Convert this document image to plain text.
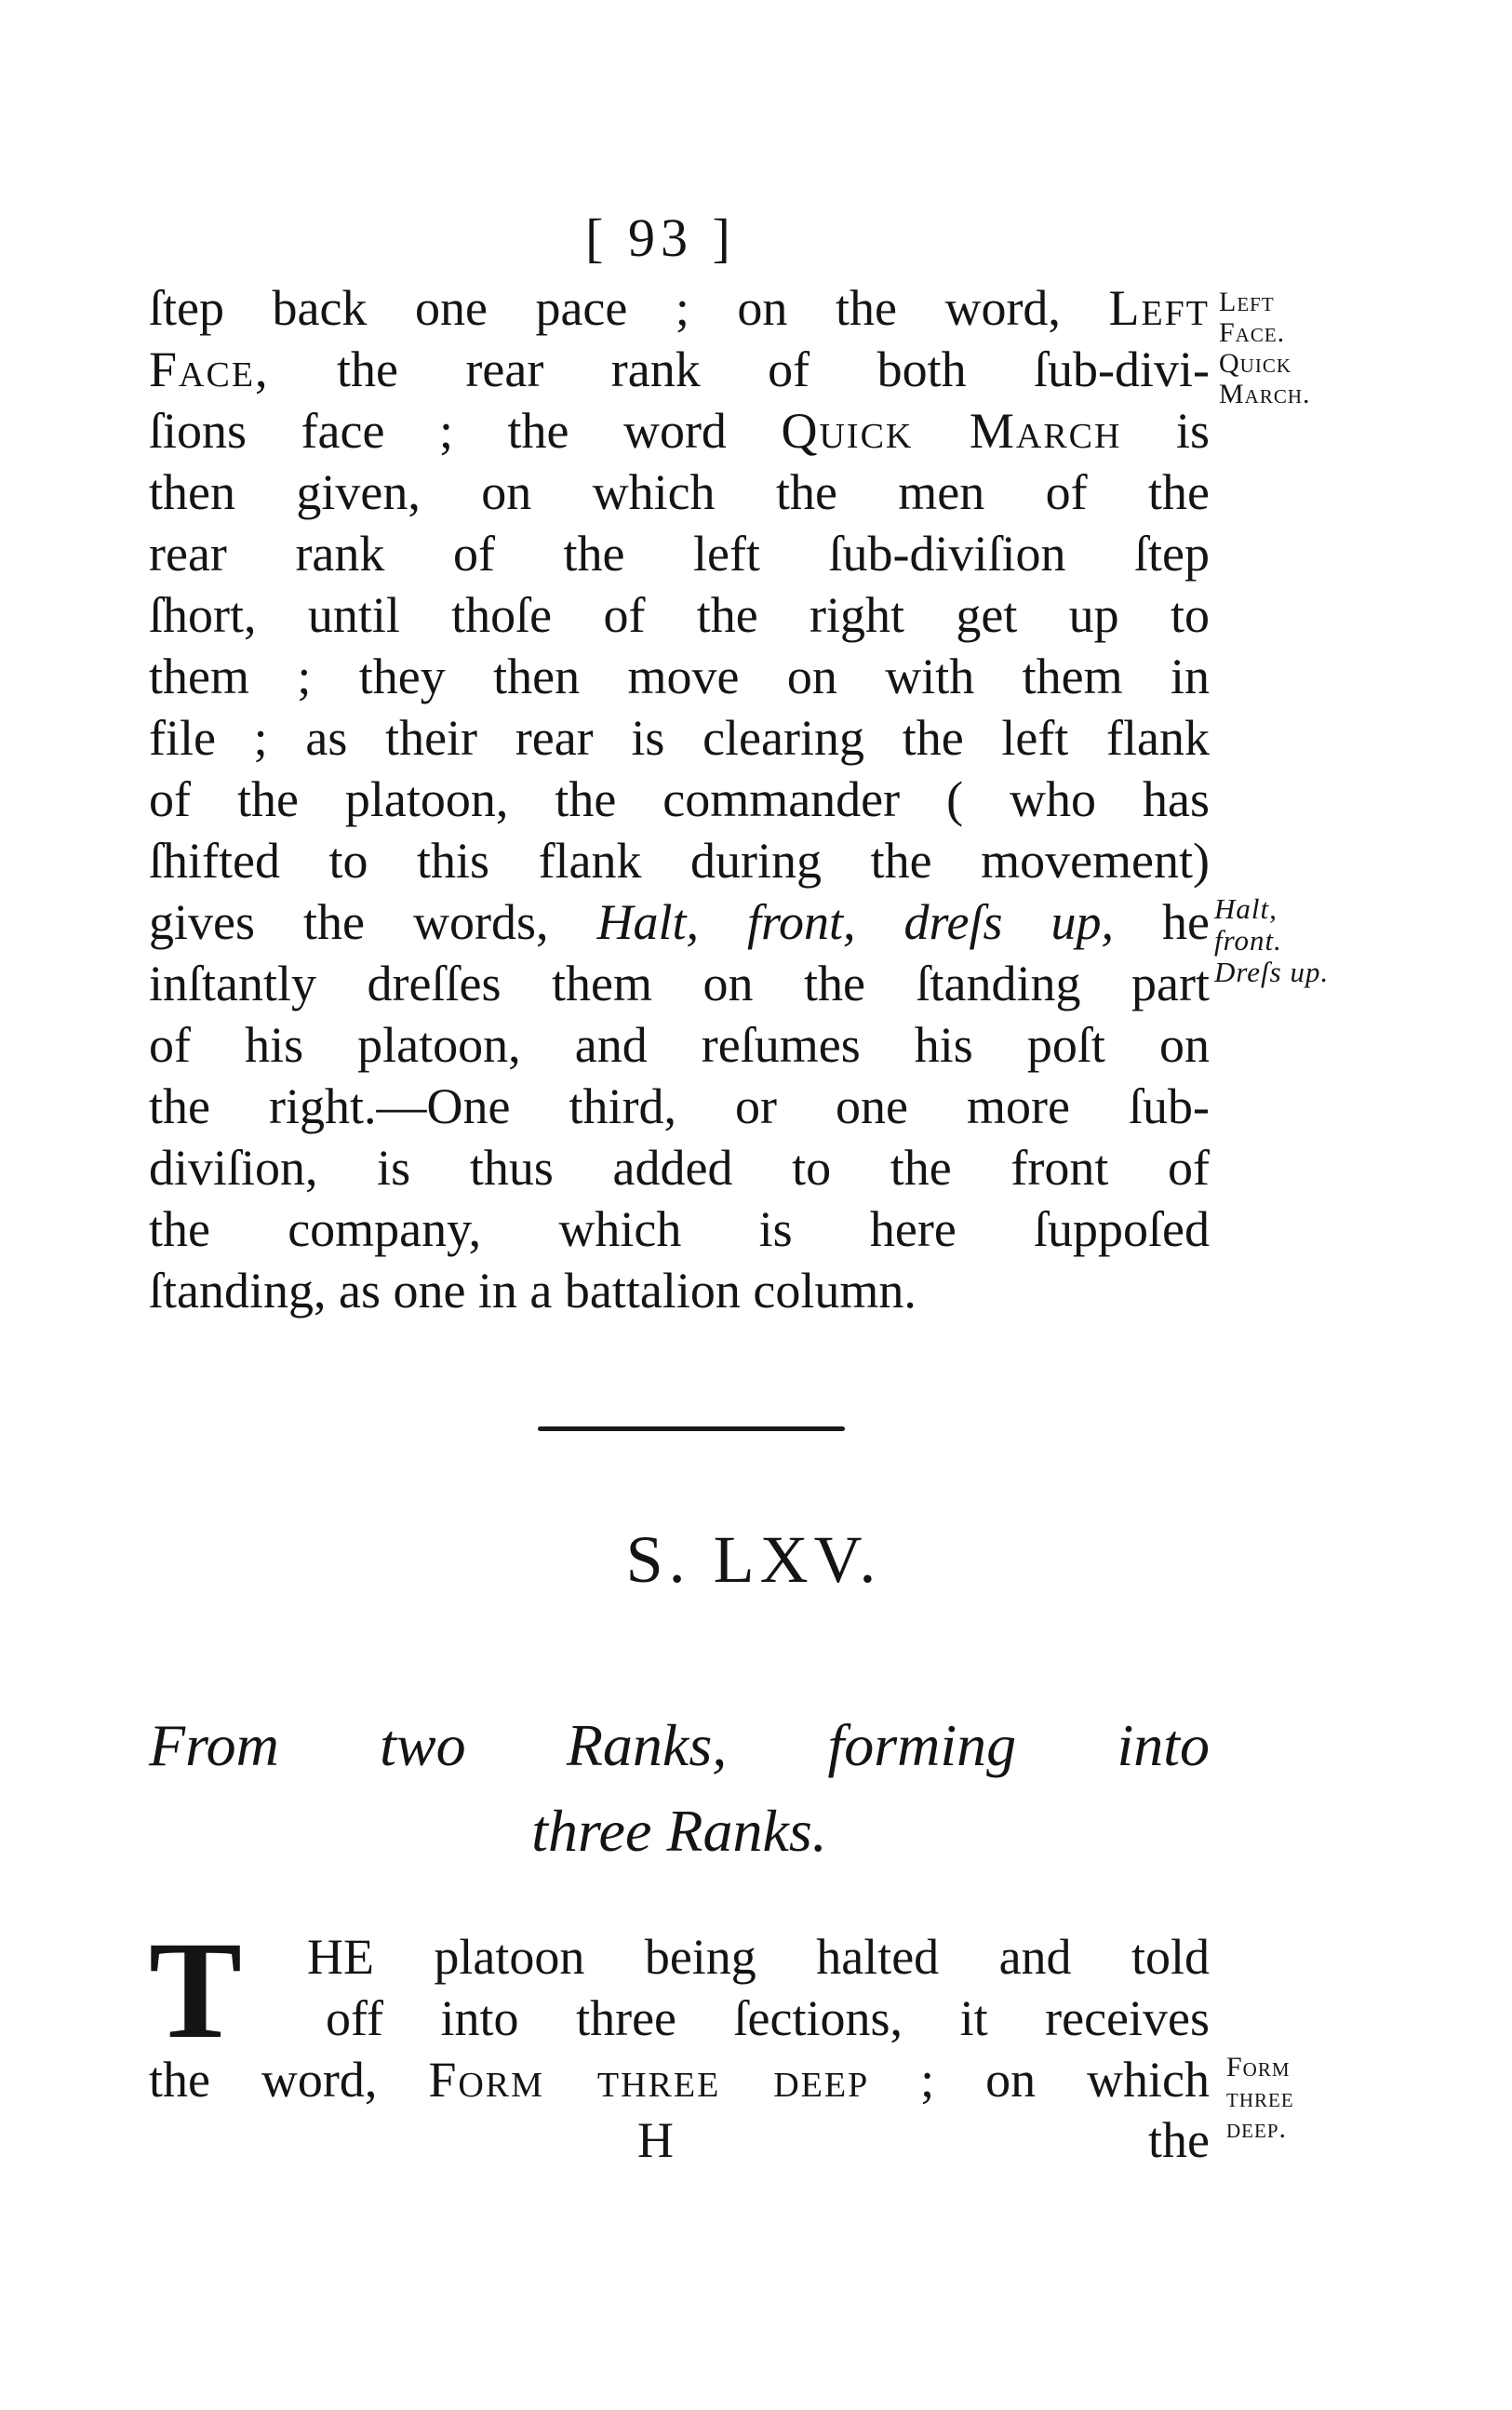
[ 93 ]
ſtep back one pace ; on the word, Left
Face, the rear rank of both ſub-divi-
ſions face ; the word Quick March is
then given, on which the men of the
rear rank of the left ſub-diviſion ſtep
ſhort, until thoſe of the right get up to
them ; they then move on with them in
file ; as their rear is clearing the left flank
of the platoon, the commander ( who has
ſhifted to this flank during the movement)
gives the words, Halt, front, dreſs up, he
inſtantly dreſſes them on the ſtanding part
of his platoon, and reſumes his poſt on
the right.—One third, or one more ſub-
diviſion, is thus added to the front of
the company, which is here ſuppoſed
ſtanding, as one in a battalion column.
Left
Face.
Quick
March.
Halt,
front.
Dreſs up.
S. LXV.
From two Ranks, forming into
three Ranks.
T	HE platoon being halted and told
off into three ſections, it receives
the word, Form three deep ; on which
H	the
Form
three
deep.
